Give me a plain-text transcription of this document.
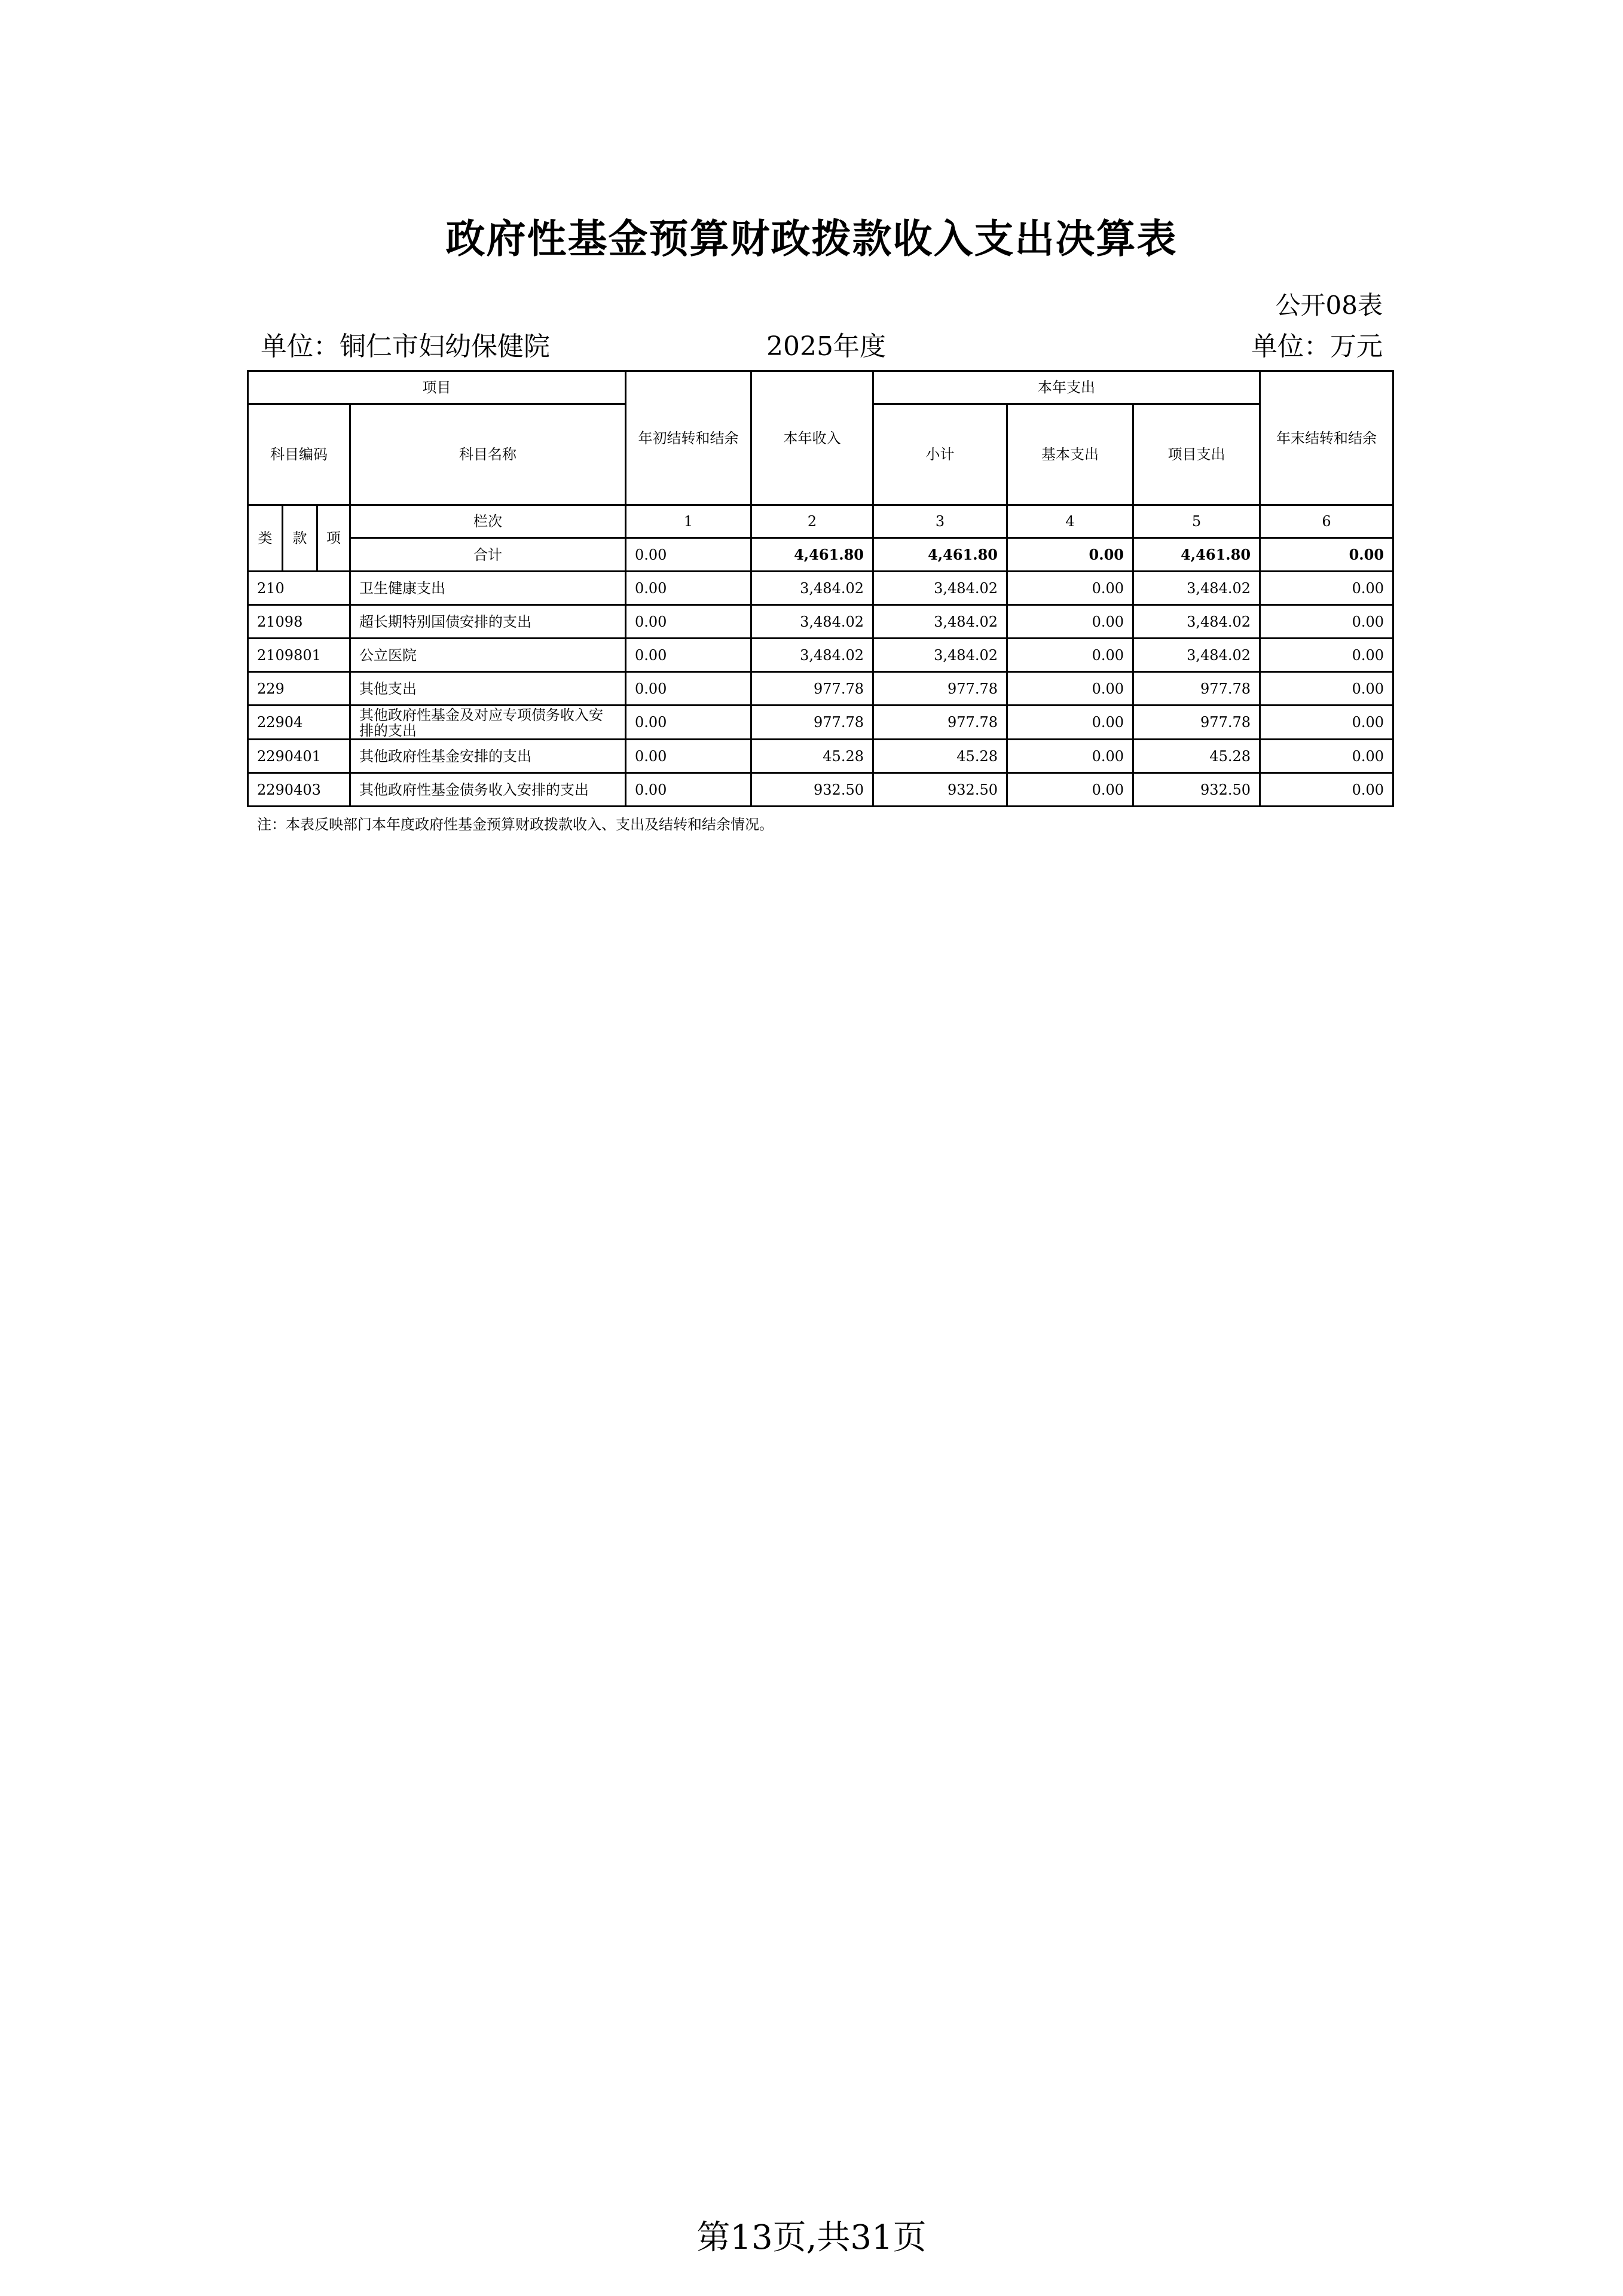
政府性基金预算财政拨款收入支出决算表
公开08表
单位：铜仁市妇幼保健院	2025年度	单位：万元
项目				年初结转和结余	本年收入	本年支出			年末结转和结余
科目编码			科目名称			小计	基本支出	项目支出	
类	款	项	栏次	1	2	3	4	5	6
			合计	0.00	4,461.80	4,461.80	0.00	4,461.80	0.00
210			卫生健康支出	0.00	3,484.02	3,484.02	0.00	3,484.02	0.00
21098			超长期特别国债安排的支出	0.00	3,484.02	3,484.02	0.00	3,484.02	0.00
2109801			公立医院	0.00	3,484.02	3,484.02	0.00	3,484.02	0.00
229			其他支出	0.00	977.78	977.78	0.00	977.78	0.00
22904			其他政府性基金及对应专项债务收入安排的支出	0.00	977.78	977.78	0.00	977.78	0.00
2290401			其他政府性基金安排的支出	0.00	45.28	45.28	0.00	45.28	0.00
2290403			其他政府性基金债务收入安排的支出	0.00	932.50	932.50	0.00	932.50	0.00
注：本表反映部门本年度政府性基金预算财政拨款收入、支出及结转和结余情况。
第13页,共31页
